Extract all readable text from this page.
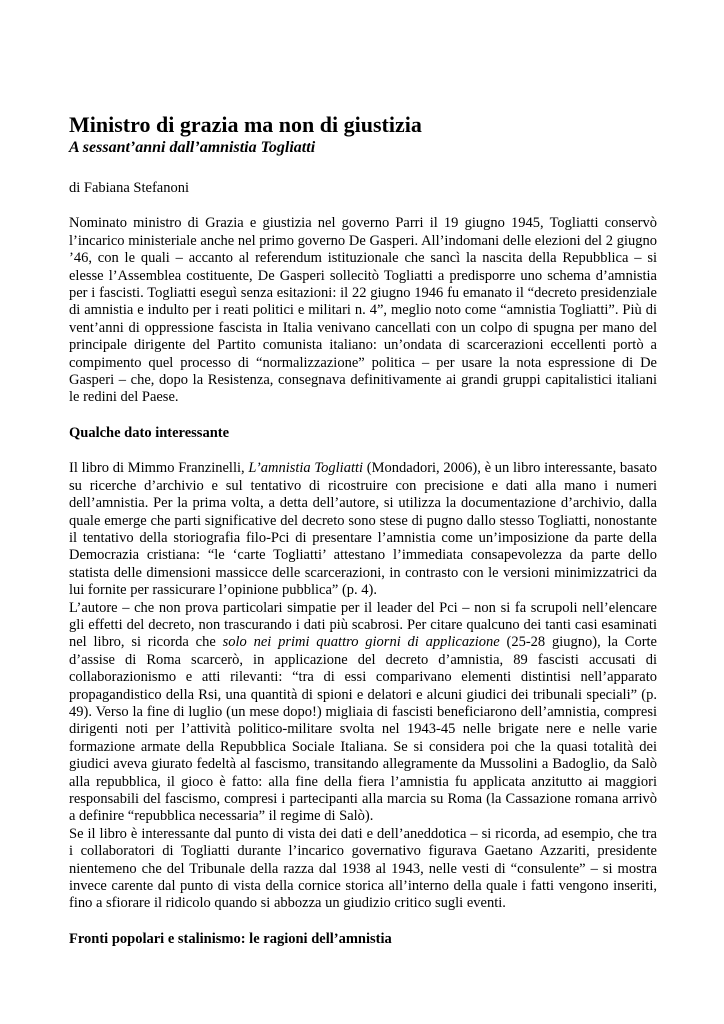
Ministro di grazia ma non di giustizia
A sessant’anni dall’amnistia Togliatti
di Fabiana Stefanoni

Nominato ministro di Grazia e giustizia nel governo Parri il 19 giugno 1945, Togliatti conservò l’incarico ministeriale anche nel primo governo De Gasperi. All’indomani delle elezioni del 2 giugno ’46, con le quali – accanto al referendum istituzionale che sancì la nascita della Repubblica – si elesse l’Assemblea costituente, De Gasperi sollecitò Togliatti a predisporre uno schema d’amnistia per i fascisti. Togliatti eseguì senza esitazioni: il 22 giugno 1946 fu emanato il “decreto presidenziale di amnistia e indulto per i reati politici e militari n. 4”, meglio noto come “amnistia Togliatti”. Più di vent’anni di oppressione fascista in Italia venivano cancellati con un colpo di spugna per mano del principale dirigente del Partito comunista italiano: un’ondata di scarcerazioni eccellenti portò a compimento quel processo di “normalizzazione” politica – per usare la nota espressione di De Gasperi – che, dopo la Resistenza, consegnava definitivamente ai grandi gruppi capitalistici italiani le redini del Paese.

Qualche dato interessante

Il libro di Mimmo Franzinelli, L’amnistia Togliatti (Mondadori, 2006), è un libro interessante, basato su ricerche d’archivio e sul tentativo di ricostruire con precisione e dati alla mano i numeri dell’amnistia. Per la prima volta, a detta dell’autore, si utilizza la documentazione d’archivio, dalla quale emerge che parti significative del decreto sono stese di pugno dallo stesso Togliatti, nonostante il tentativo della storiografia filo-Pci di presentare l’amnistia come un’imposizione da parte della Democrazia cristiana: “le ‘carte Togliatti’ attestano l’immediata consapevolezza da parte dello statista delle dimensioni massicce delle scarcerazioni, in contrasto con le versioni minimizzatrici da lui fornite per rassicurare l’opinione pubblica” (p. 4).

L’autore – che non prova particolari simpatie per il leader del Pci – non si fa scrupoli nell’elencare gli effetti del decreto, non trascurando i dati più scabrosi. Per citare qualcuno dei tanti casi esaminati nel libro, si ricorda che solo nei primi quattro giorni di applicazione (25-28 giugno), la Corte d’assise di Roma scarcerò, in applicazione del decreto d’amnistia, 89 fascisti accusati di collaborazionismo e atti rilevanti: “tra di essi comparivano elementi distintisi nell’apparato propagandistico della Rsi, una quantità di spioni e delatori e alcuni giudici dei tribunali speciali” (p. 49). Verso la fine di luglio (un mese dopo!) migliaia di fascisti beneficiarono dell’amnistia, compresi dirigenti noti per l’attività politico-militare svolta nel 1943-45 nelle brigate nere e nelle varie formazione armate della Repubblica Sociale Italiana. Se si considera poi che la quasi totalità dei giudici aveva giurato fedeltà al fascismo, transitando allegramente da Mussolini a Badoglio, da Salò alla repubblica, il gioco è fatto: alla fine della fiera l’amnistia fu applicata anzitutto ai maggiori responsabili del fascismo, compresi i partecipanti alla marcia su Roma (la Cassazione romana arrivò a definire “repubblica necessaria” il regime di Salò).

Se il libro è interessante dal punto di vista dei dati e dell’aneddotica – si ricorda, ad esempio, che tra i collaboratori di Togliatti durante l’incarico governativo figurava Gaetano Azzariti, presidente nientemeno che del Tribunale della razza dal 1938 al 1943, nelle vesti di “consulente” – si mostra invece carente dal punto di vista della cornice storica all’interno della quale i fatti vengono inseriti, fino a sfiorare il ridicolo quando si abbozza un giudizio critico sugli eventi.

Fronti popolari e stalinismo: le ragioni dell’amnistia
